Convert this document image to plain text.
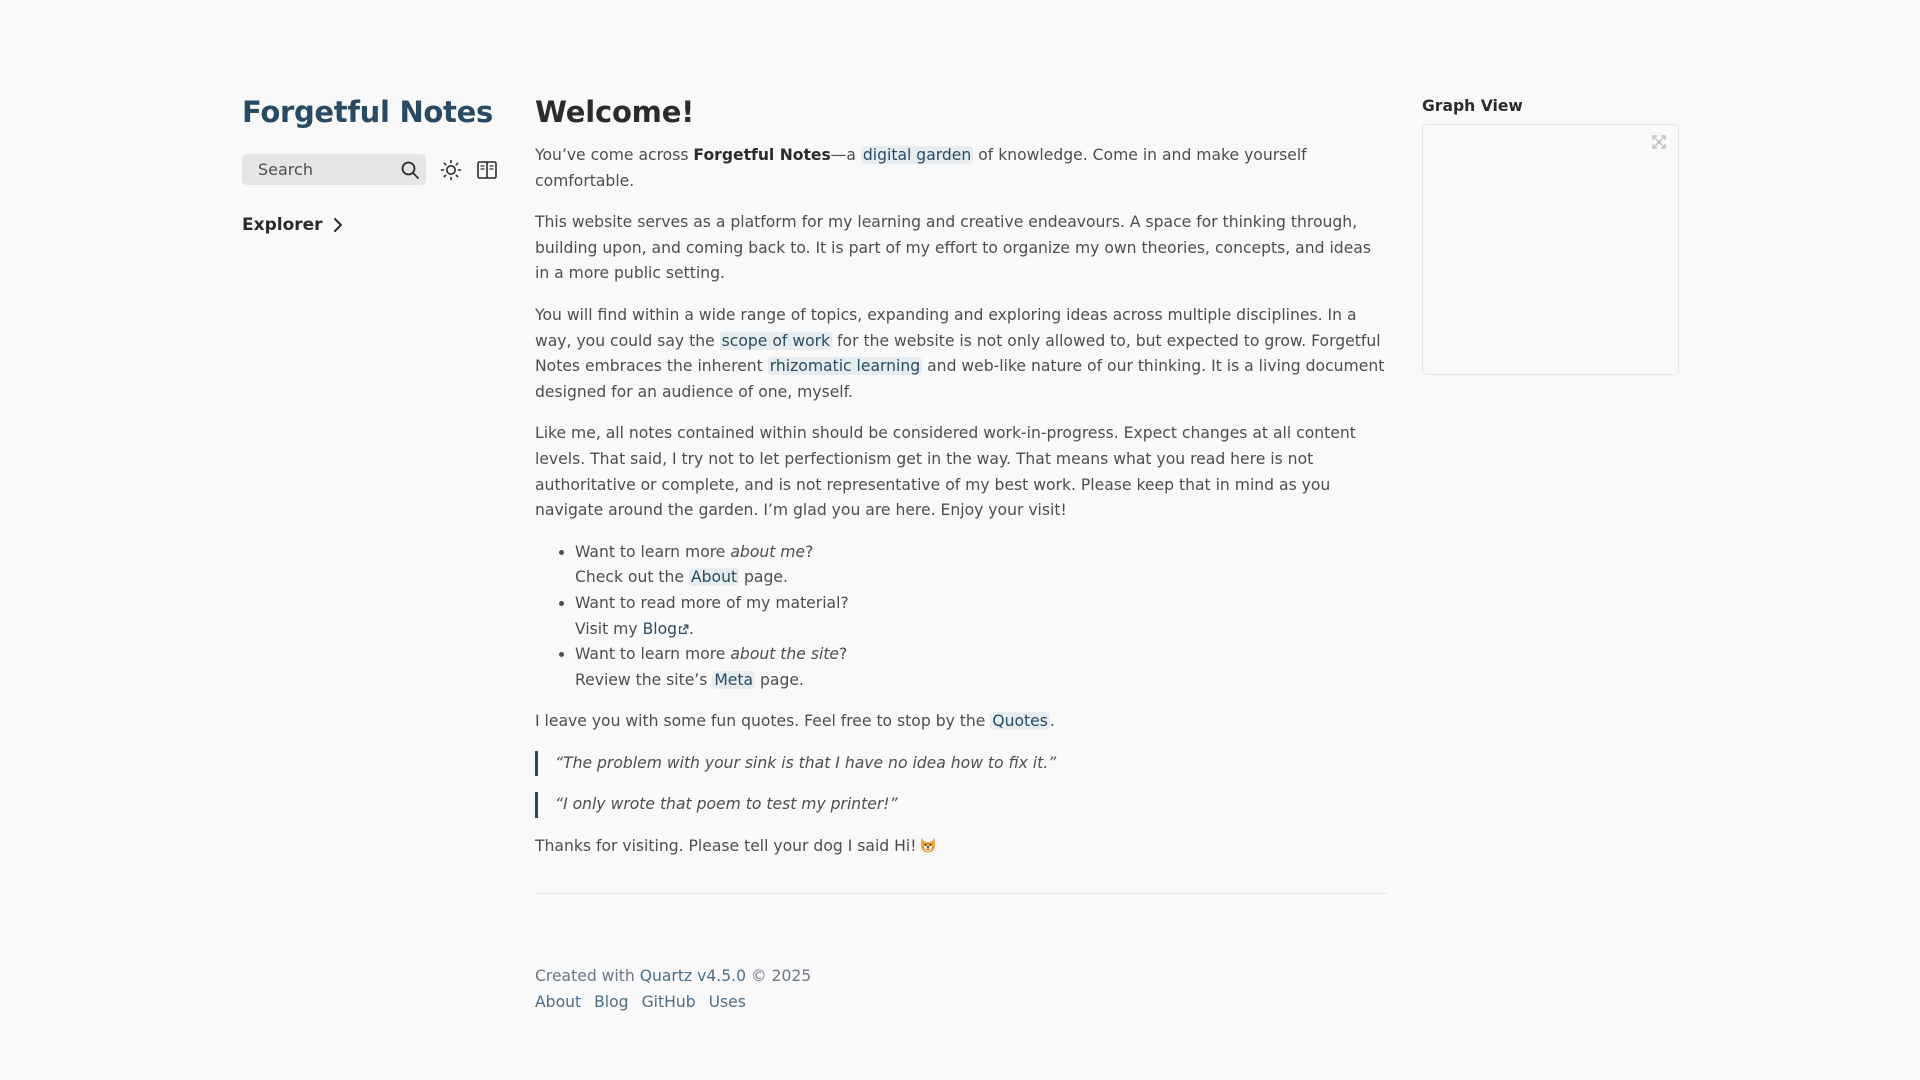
Forgetful Notes
Search
Explorer
Welcome!

You’ve come across Forgetful Notes—a digital garden of knowledge. Come in and make yourself comfortable.

This website serves as a platform for my learning and creative endeavours. A space for thinking through, building upon, and coming back to. It is part of my effort to organize my own theories, concepts, and ideas in a more public setting.

You will find within a wide range of topics, expanding and exploring ideas across multiple disciplines. In a way, you could say the scope of work for the website is not only allowed to, but expected to grow. Forgetful Notes embraces the inherent rhizomatic learning and web-like nature of our thinking. It is a living document designed for an audience of one, myself.

Like me, all notes contained within should be considered work-in-progress. Expect changes at all content levels. That said, I try not to let perfectionism get in the way. That means what you read here is not authoritative or complete, and is not representative of my best work. Please keep that in mind as you navigate around the garden. I’m glad you are here. Enjoy your visit!

• Want to learn more about me?
Check out the About page.
• Want to read more of my material?
Visit my Blog .
• Want to learn more about the site?
Review the site’s Meta page.

I leave you with some fun quotes. Feel free to stop by the Quotes .

“The problem with your sink is that I have no idea how to fix it.”
“I only wrote that poem to test my printer!”

Thanks for visiting. Please tell your dog I said Hi!

Created with Quartz v4.5.0 © 2025
About Blog GitHub Uses
Graph View
